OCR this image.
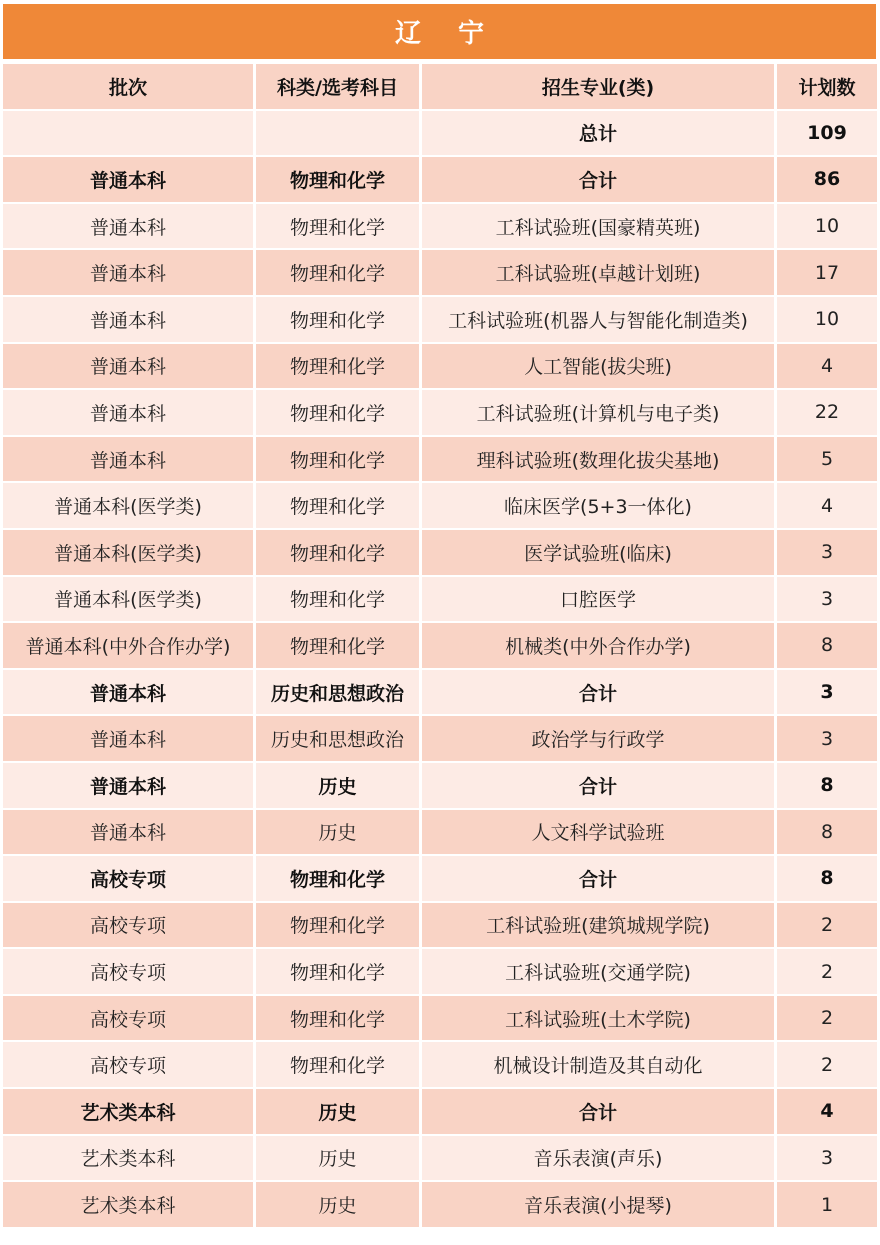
辽 宁
批次	科类/选考科目	招生专业(类)	计划数
		总计	109
普通本科	物理和化学	合计	86
普通本科	物理和化学	工科试验班(国豪精英班)	10
普通本科	物理和化学	工科试验班(卓越计划班)	17
普通本科	物理和化学	工科试验班(机器人与智能化制造类)	10
普通本科	物理和化学	人工智能(拔尖班)	4
普通本科	物理和化学	工科试验班(计算机与电子类)	22
普通本科	物理和化学	理科试验班(数理化拔尖基地)	5
普通本科(医学类)	物理和化学	临床医学(5+3一体化)	4
普通本科(医学类)	物理和化学	医学试验班(临床)	3
普通本科(医学类)	物理和化学	口腔医学	3
普通本科(中外合作办学)	物理和化学	机械类(中外合作办学)	8
普通本科	历史和思想政治	合计	3
普通本科	历史和思想政治	政治学与行政学	3
普通本科	历史	合计	8
普通本科	历史	人文科学试验班	8
高校专项	物理和化学	合计	8
高校专项	物理和化学	工科试验班(建筑城规学院)	2
高校专项	物理和化学	工科试验班(交通学院)	2
高校专项	物理和化学	工科试验班(土木学院)	2
高校专项	物理和化学	机械设计制造及其自动化	2
艺术类本科	历史	合计	4
艺术类本科	历史	音乐表演(声乐)	3
艺术类本科	历史	音乐表演(小提琴)	1
